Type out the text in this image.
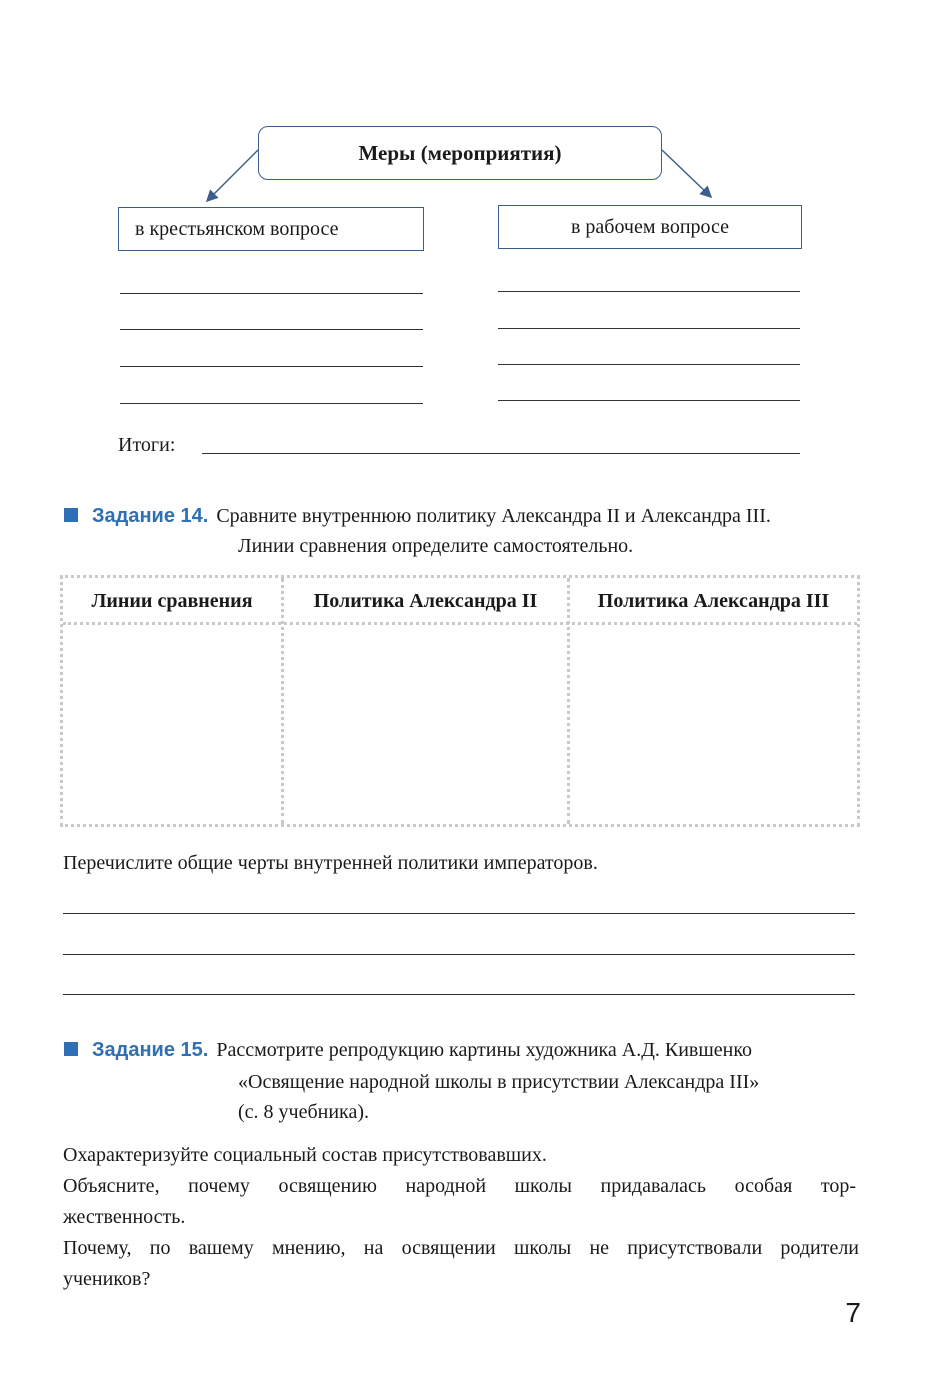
Меры (мероприятия)
в крестьянском вопросе	в рабочем вопросе
Итоги:
Задание 14. Сравните внутреннюю политику Александра II и Александра III.
Линии сравнения определите самостоятельно.
Линии сравнения	Политика Александра II	Политика Александра III
Перечислите общие черты внутренней политики императоров.
Задание 15. Рассмотрите репродукцию картины художника А.Д. Кившенко
«Освящение народной школы в присутствии Александра III»
(с. 8 учебника).
Охарактеризуйте социальный состав присутствовавших.
Объясните, почему освящению народной школы придавалась особая тор-
жественность.
Почему, по вашему мнению, на освящении школы не присутствовали родители
учеников?
7
